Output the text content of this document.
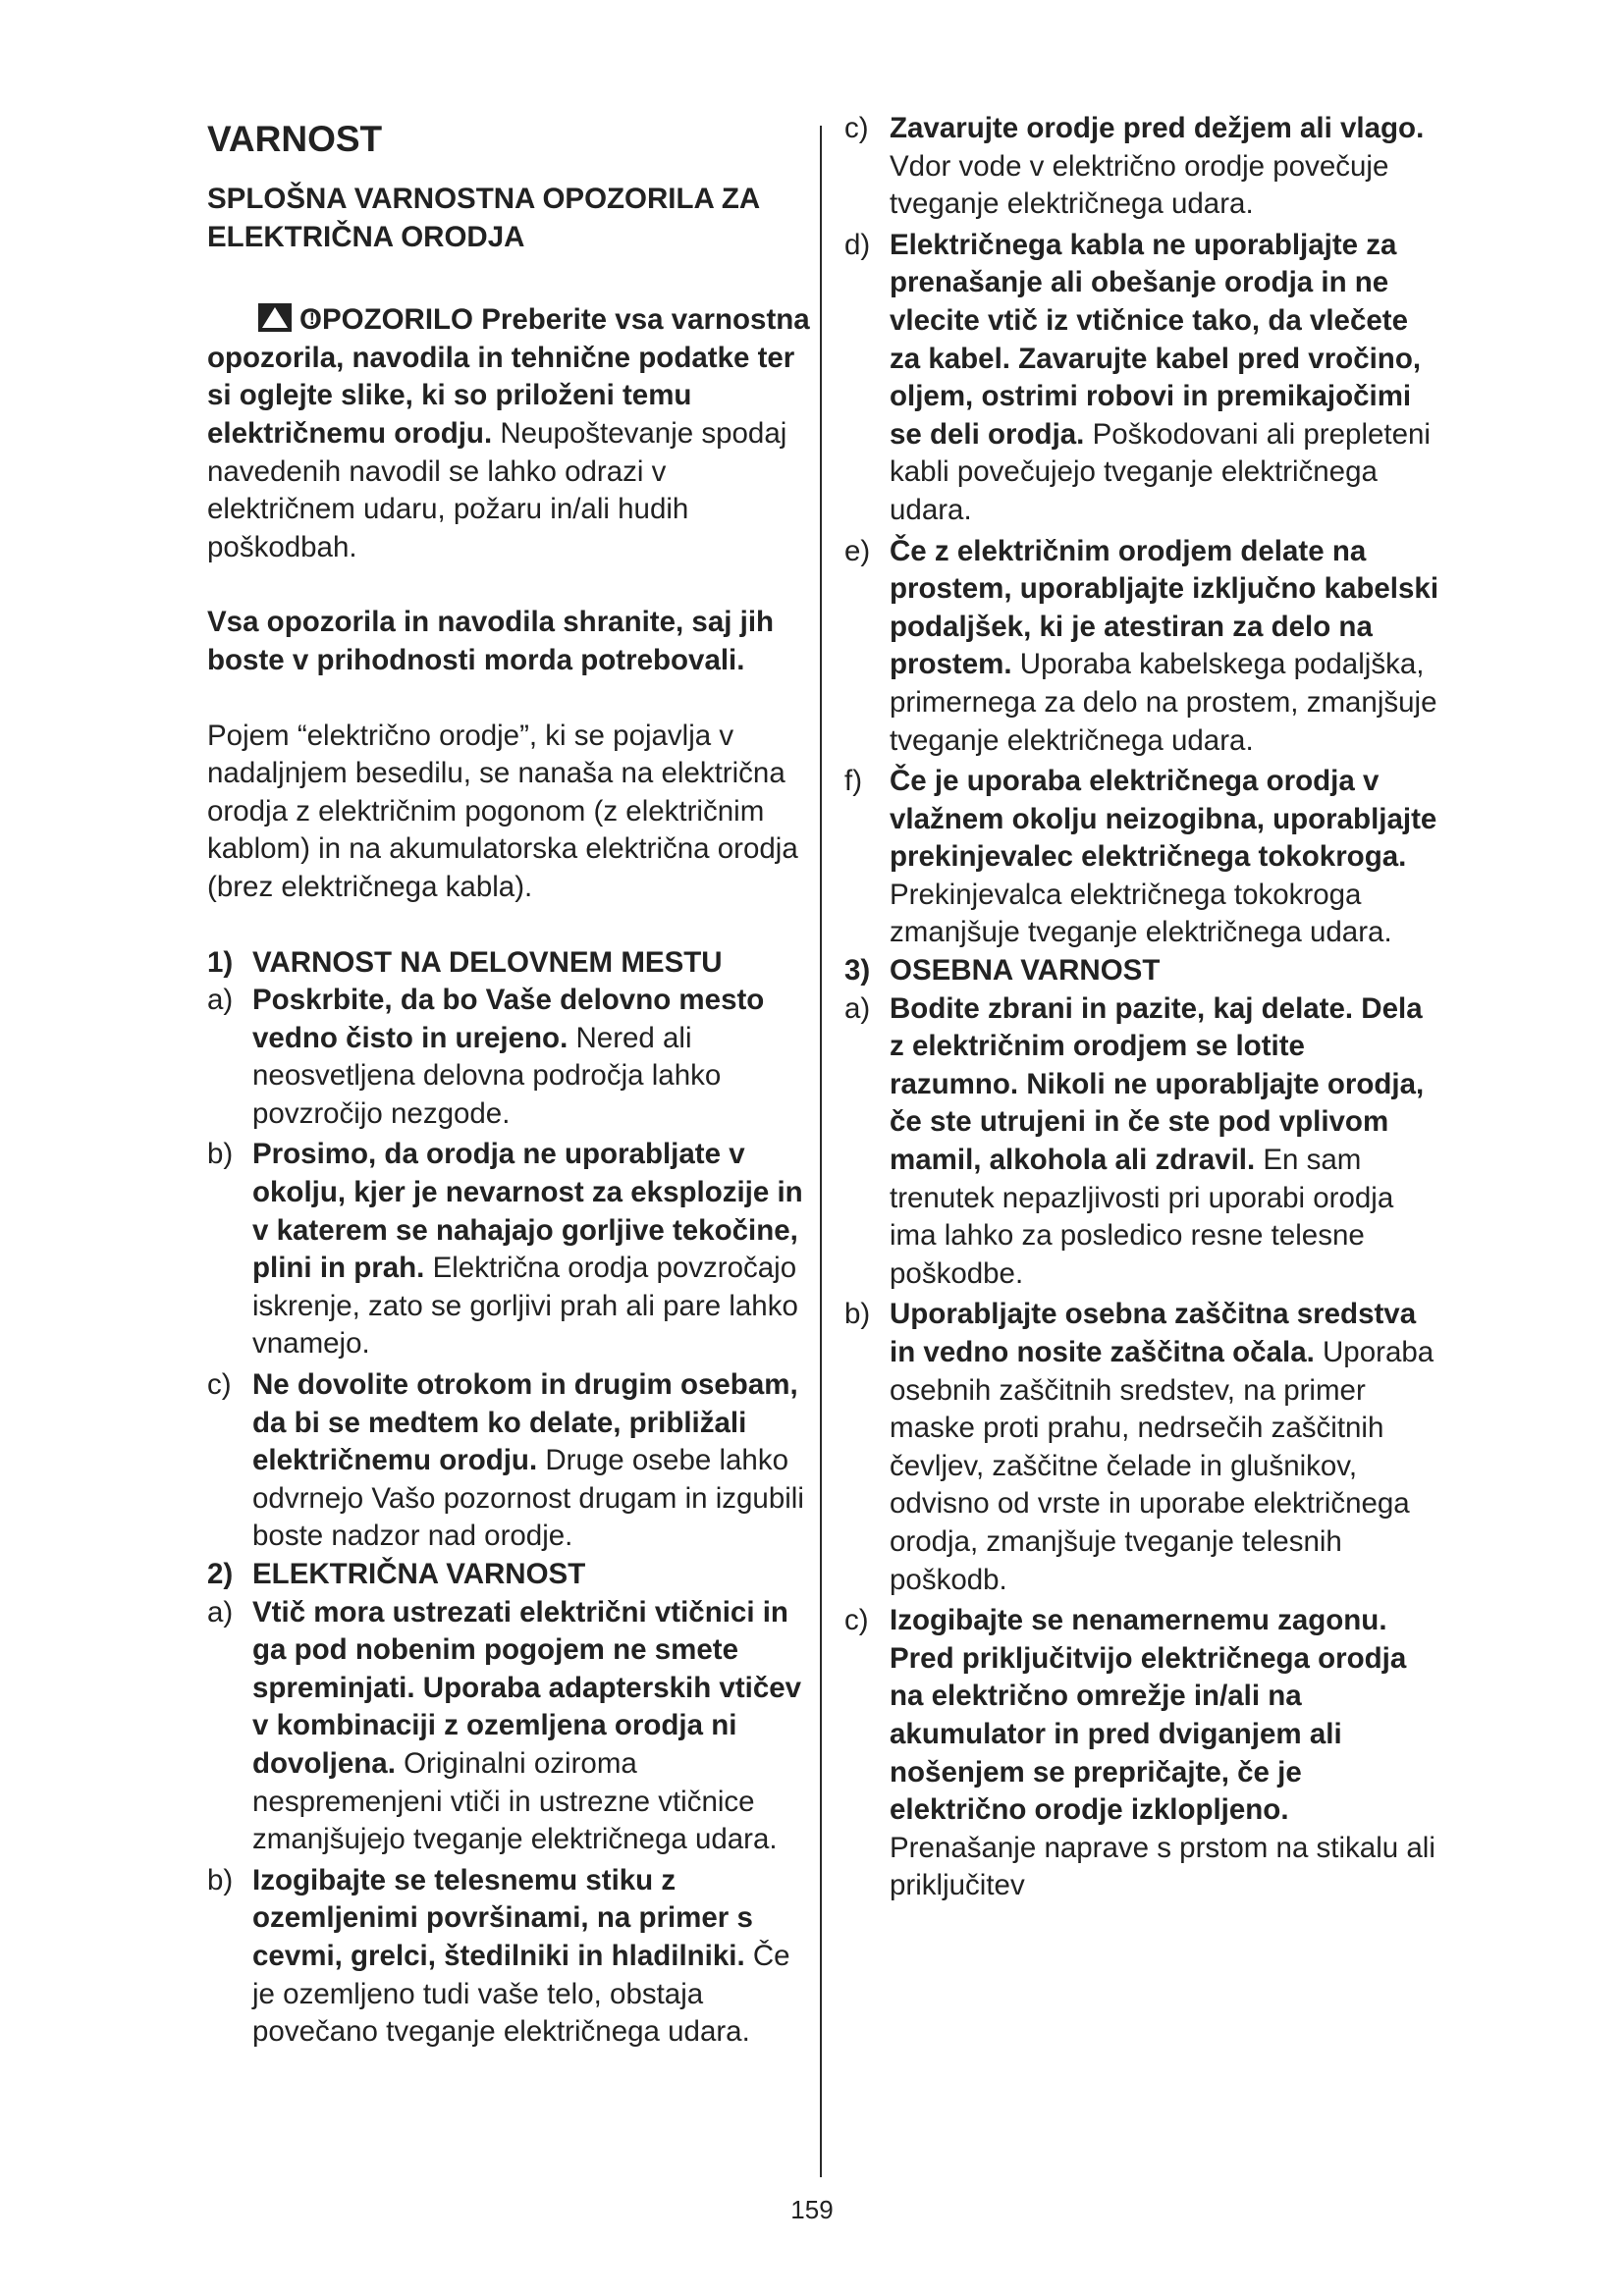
VARNOST
SPLOŠNA VARNOSTNA OPOZORILA ZA ELEKTRIČNA ORODJA

!OPOZORILO Preberite vsa varnostna opozorila, navodila in tehnične podatke ter si oglejte slike, ki so priloženi temu električnemu orodju. Neupoštevanje spodaj navedenih navodil se lahko odrazi v električnem udaru, požaru in/ali hudih poškodbah.

Vsa opozorila in navodila shranite, saj jih boste v prihodnosti morda potrebovali.

Pojem “električno orodje”, ki se pojavlja v nadaljnjem besedilu, se nanaša na električna orodja z električnim pogonom (z električnim kablom) in na akumulatorska električna orodja (brez električnega kabla).

1) VARNOST NA DELOVNEM MESTU
a) Poskrbite, da bo Vaše delovno mesto vedno čisto in urejeno. Nered ali neosvetljena delovna področja lahko povzročijo nezgode.

b) Prosimo, da orodja ne uporabljate v okolju, kjer je nevarnost za eksplozije in v katerem se nahajajo gorljive tekočine, plini in prah. Električna orodja povzročajo iskrenje, zato se gorljivi prah ali pare lahko vnamejo.

c) Ne dovolite otrokom in drugim osebam, da bi se medtem ko delate, približali električnemu orodju. Druge osebe lahko odvrnejo Vašo pozornost drugam in izgubili boste nadzor nad orodje.

2) ELEKTRIČNA VARNOST
a) Vtič mora ustrezati električni vtičnici in ga pod nobenim pogojem ne smete spreminjati. Uporaba adapterskih vtičev v kombinaciji z ozemljena orodja ni dovoljena. Originalni oziroma nespremenjeni vtiči in ustrezne vtičnice zmanjšujejo tveganje električnega udara.

b) Izogibajte se telesnemu stiku z ozemljenimi površinami, na primer s cevmi, grelci, štedilniki in hladilniki. Če je ozemljeno tudi vaše telo, obstaja povečano tveganje električnega udara.

c) Zavarujte orodje pred dežjem ali vlago. Vdor vode v električno orodje povečuje tveganje električnega udara.

d) Električnega kabla ne uporabljajte za prenašanje ali obešanje orodja in ne vlecite vtič iz vtičnice tako, da vlečete za kabel. Zavarujte kabel pred vročino, oljem, ostrimi robovi in premikajočimi se deli orodja. Poškodovani ali prepleteni kabli povečujejo tveganje električnega udara.

e) Če z električnim orodjem delate na prostem, uporabljajte izključno kabelski podaljšek, ki je atestiran za delo na prostem. Uporaba kabelskega podaljška, primernega za delo na prostem, zmanjšuje tveganje električnega udara.

f) Če je uporaba električnega orodja v vlažnem okolju neizogibna, uporabljajte prekinjevalec električnega tokokroga. Prekinjevalca električnega tokokroga zmanjšuje tveganje električnega udara.

3) OSEBNA VARNOST
a) Bodite zbrani in pazite, kaj delate. Dela z električnim orodjem se lotite razumno. Nikoli ne uporabljajte orodja, če ste utrujeni in če ste pod vplivom mamil, alkohola ali zdravil. En sam trenutek nepazljivosti pri uporabi orodja ima lahko za posledico resne telesne poškodbe.

b) Uporabljajte osebna zaščitna sredstva in vedno nosite zaščitna očala. Uporaba osebnih zaščitnih sredstev, na primer maske proti prahu, nedrsečih zaščitnih čevljev, zaščitne čelade in glušnikov, odvisno od vrste in uporabe električnega orodja, zmanjšuje tveganje telesnih poškodb.

c) Izogibajte se nenamernemu zagonu. Pred priključitvijo električnega orodja na električno omrežje in/ali na akumulator in pred dviganjem ali nošenjem se prepričajte, če je električno orodje izklopljeno. Prenašanje naprave s prstom na stikalu ali priključitev

159
